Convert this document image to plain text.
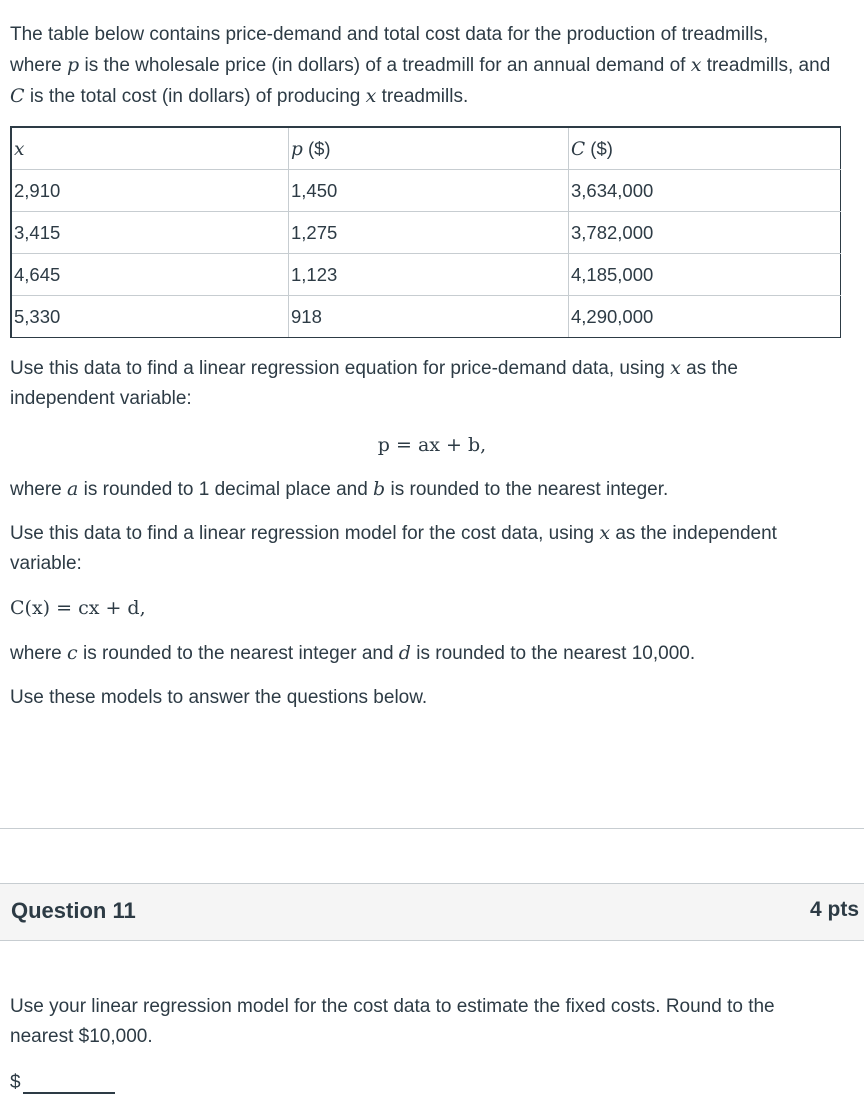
The table below contains price-demand and total cost data for the production of treadmills,
where p is the wholesale price (in dollars) of a treadmill for an annual demand of x treadmills, and
C is the total cost (in dollars) of producing x treadmills.

x	p ($)	C ($)
2,910	1,450	3,634,000
3,415	1,275	3,782,000
4,645	1,123	4,185,000
5,330	918	4,290,000

Use this data to find a linear regression equation for price-demand data, using x as the
independent variable:

p = ax + b,

where a is rounded to 1 decimal place and b is rounded to the nearest integer.

Use this data to find a linear regression model for the cost data, using x as the independent
variable:

C(x) = cx + d,

where c is rounded to the nearest integer and d is rounded to the nearest 10,000.

Use these models to answer the questions below.

Question 11	4 pts

Use your linear regression model for the cost data to estimate the fixed costs. Round to the
nearest $10,000.

$
